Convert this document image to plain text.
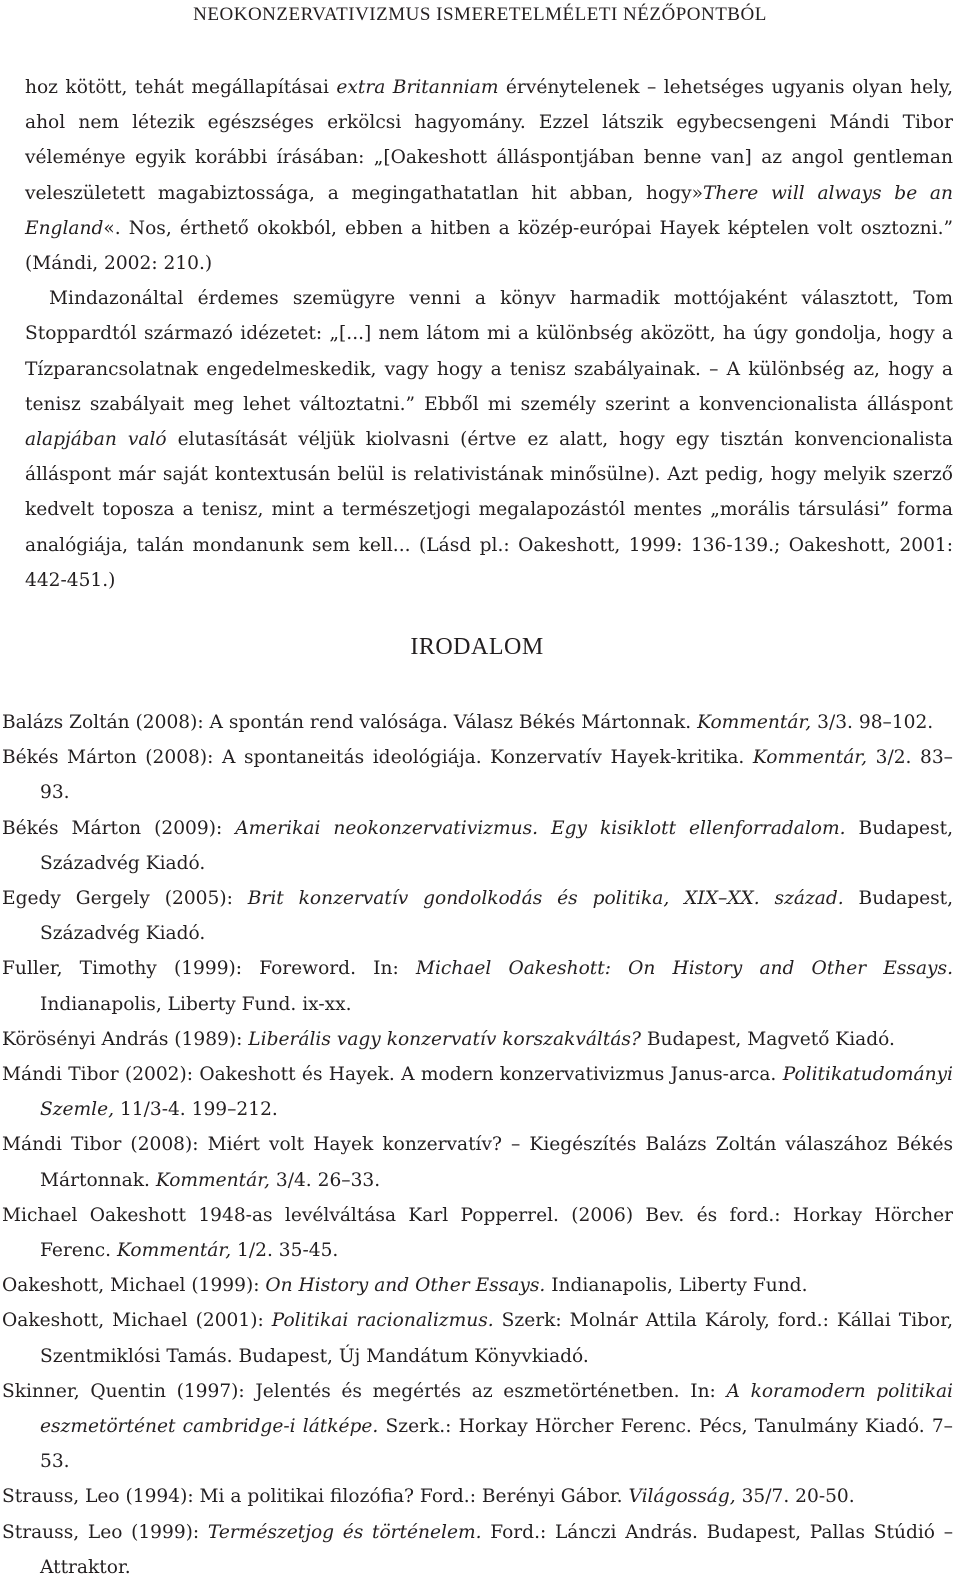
NEOKONZERVATIVIZMUS ISMERETELMÉLETI NÉZŐPONTBÓL

hoz kötött, tehát megállapításai extra Britanniam érvénytelenek – lehetséges ugyanis olyan hely, ahol nem létezik egészséges erkölcsi hagyomány. Ezzel látszik egybecsengeni Mándi Tibor véleménye egyik korábbi írásában: „[Oakeshott álláspontjában benne van] az angol gentleman veleszületett magabiztossága, a megingathatatlan hit abban, hogy»There will always be an England«. Nos, érthető okokból, ebben a hitben a közép-európai Hayek képtelen volt osztozni.” (Mándi, 2002: 210.)

Mindazonáltal érdemes szemügyre venni a könyv harmadik mottójaként választott, Tom Stoppardtól származó idézetet: „[...] nem látom mi a különbség aközött, ha úgy gondolja, hogy a Tízparancsolatnak engedelmeskedik, vagy hogy a tenisz szabályainak. – A különbség az, hogy a tenisz szabályait meg lehet változtatni.” Ebből mi személy szerint a konvencionalista álláspont alapjában való elutasítását véljük kiolvasni (értve ez alatt, hogy egy tisztán konvencionalista álláspont már saját kontextusán belül is relativistának minősülne). Azt pedig, hogy melyik szerző kedvelt toposza a tenisz, mint a természetjogi megalapozástól mentes „morális társulási” forma analógiája, talán mondanunk sem kell... (Lásd pl.: Oakeshott, 1999: 136-139.; Oakeshott, 2001: 442-451.)

IRODALOM

Balázs Zoltán (2008): A spontán rend valósága. Válasz Békés Mártonnak. Kommentár, 3/3. 98–102.

Békés Márton (2008): A spontaneitás ideológiája. Konzervatív Hayek-kritika. Kommentár, 3/2. 83–93.

Békés Márton (2009): Amerikai neokonzervativizmus. Egy kisiklott ellenforradalom. Budapest, Századvég Kiadó.

Egedy Gergely (2005): Brit konzervatív gondolkodás és politika, XIX–XX. század. Budapest, Századvég Kiadó.

Fuller, Timothy (1999): Foreword. In: Michael Oakeshott: On History and Other Essays. Indianapolis, Liberty Fund. ix-xx.

Körösényi András (1989): Liberális vagy konzervatív korszakváltás? Budapest, Magvető Kiadó.

Mándi Tibor (2002): Oakeshott és Hayek. A modern konzervativizmus Janus-arca. Politikatudományi Szemle, 11/3-4. 199–212.

Mándi Tibor (2008): Miért volt Hayek konzervatív? – Kiegészítés Balázs Zoltán válaszához Békés Mártonnak. Kommentár, 3/4. 26–33.

Michael Oakeshott 1948-as levélváltása Karl Popperrel. (2006) Bev. és ford.: Horkay Hörcher Ferenc. Kommentár, 1/2. 35-45.

Oakeshott, Michael (1999): On History and Other Essays. Indianapolis, Liberty Fund.

Oakeshott, Michael (2001): Politikai racionalizmus. Szerk: Molnár Attila Károly, ford.: Kállai Tibor, Szentmiklósi Tamás. Budapest, Új Mandátum Könyvkiadó.

Skinner, Quentin (1997): Jelentés és megértés az eszmetörténetben. In: A koramodern politikai eszmetörténet cambridge-i látképe. Szerk.: Horkay Hörcher Ferenc. Pécs, Tanulmány Kiadó. 7–53.

Strauss, Leo (1994): Mi a politikai filozófia? Ford.: Berényi Gábor. Világosság, 35/7. 20-50.

Strauss, Leo (1999): Természetjog és történelem. Ford.: Lánczi András. Budapest, Pallas Stúdió – Attraktor.
